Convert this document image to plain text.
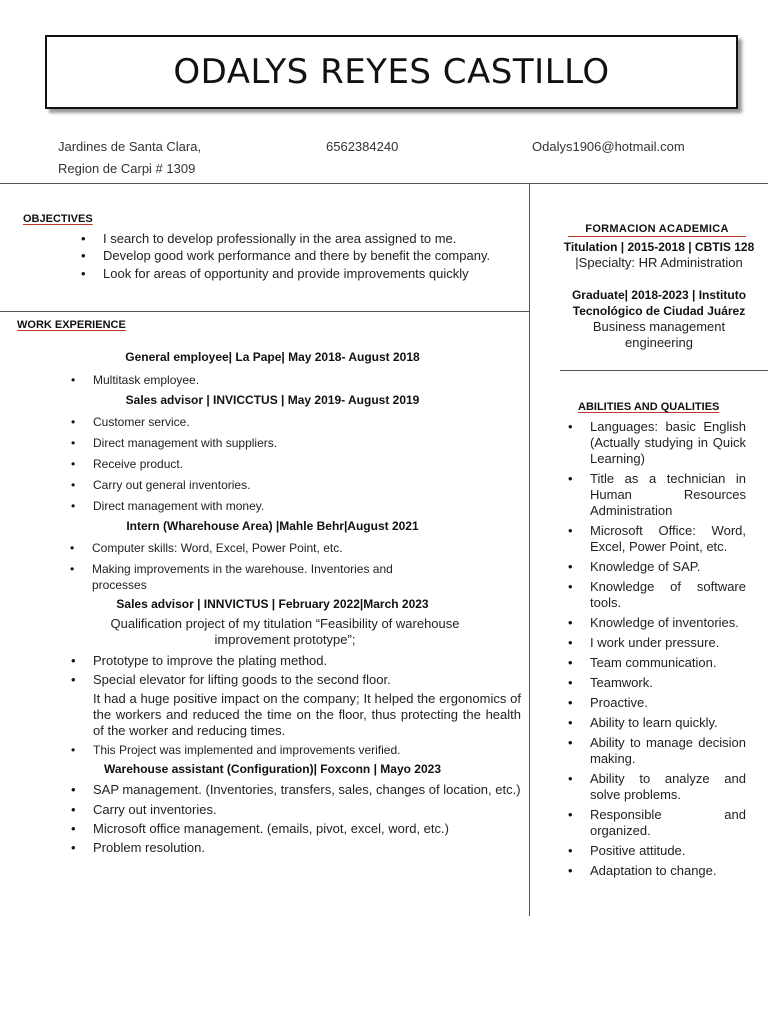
ODALYS REYES CASTILLO
Jardines de Santa Clara,
Region de Carpi # 1309
6562384240	Odalys1906@hotmail.com
OBJECTIVES
• I search to develop professionally in the area assigned to me.
• Develop good work performance and there by benefit the company.
• Look for areas of opportunity and provide improvements quickly
WORK EXPERIENCE
General employee| La Pape| May 2018- August 2018
• Multitask employee.
Sales advisor | INVICCTUS | May 2019- August 2019
• Customer service.
• Direct management with suppliers.
• Receive product.
• Carry out general inventories.
• Direct management with money.
Intern (Wharehouse Area) |Mahle Behr|August 2021
• Computer skills: Word, Excel, Power Point, etc.
• Making improvements in the warehouse. Inventories and processes
Sales advisor | INNVICTUS | February 2022|March 2023
Qualification project of my titulation “Feasibility of warehouse improvement prototype”;
• Prototype to improve the plating method.
• Special elevator for lifting goods to the second floor.
It had a huge positive impact on the company; It helped the ergonomics of the workers and reduced the time on the floor, thus protecting the health of the worker and reducing times.
• This Project was implemented and improvements verified.
Warehouse assistant (Configuration)| Foxconn | Mayo 2023
• SAP management. (Inventories, transfers, sales, changes of location, etc.)
• Carry out inventories.
• Microsoft office management. (emails, pivot, excel, word, etc.)
• Problem resolution.
FORMACION ACADEMICA
Titulation | 2015-2018 | CBTIS 128
|Specialty: HR Administration
Graduate| 2018-2023 | Instituto Tecnológico de Ciudad Juárez
Business management engineering
ABILITIES AND QUALITIES
• Languages: basic English (Actually studying in Quick Learning)
• Title as a technician in Human Resources Administration
• Microsoft Office: Word, Excel, Power Point, etc.
• Knowledge of SAP.
• Knowledge of software tools.
• Knowledge of inventories.
• I work under pressure.
• Team communication.
• Teamwork.
• Proactive.
• Ability to learn quickly.
• Ability to manage decision making.
• Ability to analyze and solve problems.
• Responsible and organized.
• Positive attitude.
• Adaptation to change.
